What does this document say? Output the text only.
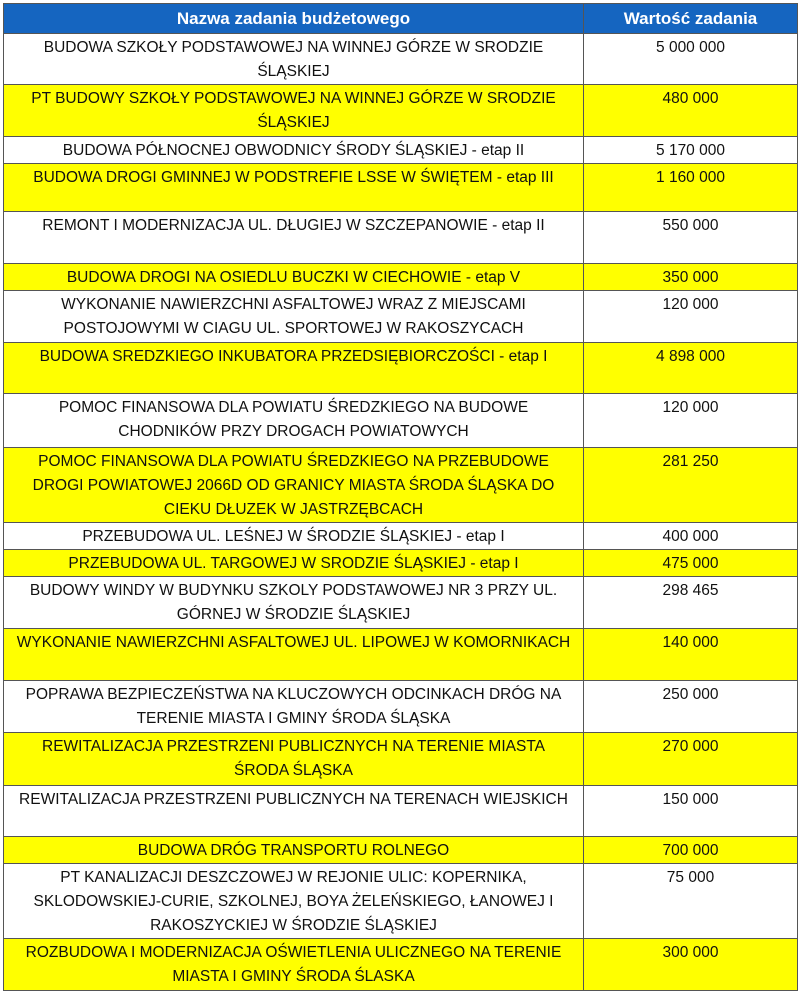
Nazwa zadania budżetowego	Wartość zadania
BUDOWA SZKOŁY PODSTAWOWEJ NA WINNEJ GÓRZE W SRODZIE ŚLĄSKIEJ	5 000 000
PT BUDOWY SZKOŁY PODSTAWOWEJ NA WINNEJ GÓRZE W SRODZIE ŚLĄSKIEJ	480 000
BUDOWA PÓŁNOCNEJ OBWODNICY ŚRODY ŚLĄSKIEJ - etap II	5 170 000
BUDOWA DROGI GMINNEJ W PODSTREFIE LSSE W ŚWIĘTEM - etap III	1 160 000
REMONT I MODERNIZACJA UL. DŁUGIEJ W SZCZEPANOWIE - etap II	550 000
BUDOWA DROGI NA OSIEDLU BUCZKI W CIECHOWIE - etap V	350 000
WYKONANIE NAWIERZCHNI ASFALTOWEJ WRAZ Z MIEJSCAMI POSTOJOWYMI W CIAGU UL. SPORTOWEJ W RAKOSZYCACH	120 000
BUDOWA SREDZKIEGO INKUBATORA PRZEDSIĘBIORCZOŚCI - etap I	4 898 000
POMOC FINANSOWA DLA POWIATU ŚREDZKIEGO NA BUDOWE CHODNIKÓW PRZY DROGACH POWIATOWYCH	120 000
POMOC FINANSOWA DLA POWIATU ŚREDZKIEGO NA PRZEBUDOWE DROGI POWIATOWEJ 2066D OD GRANICY MIASTA ŚRODA ŚLĄSKA DO CIEKU DŁUZEK W JASTRZĘBCACH	281 250
PRZEBUDOWA UL. LEŚNEJ W ŚRODZIE ŚLĄSKIEJ - etap I	400 000
PRZEBUDOWA UL. TARGOWEJ W SRODZIE ŚLĄSKIEJ - etap I	475 000
BUDOWY WINDY W BUDYNKU SZKOLY PODSTAWOWEJ NR 3 PRZY UL. GÓRNEJ W ŚRODZIE ŚLĄSKIEJ	298 465
WYKONANIE NAWIERZCHNI ASFALTOWEJ UL. LIPOWEJ W KOMORNIKACH	140 000
POPRAWA BEZPIECZEŃSTWA NA KLUCZOWYCH ODCINKACH DRÓG NA TERENIE MIASTA I GMINY ŚRODA ŚLĄSKA	250 000
REWITALIZACJA PRZESTRZENI PUBLICZNYCH NA TERENIE MIASTA ŚRODA ŚLĄSKA	270 000
REWITALIZACJA PRZESTRZENI PUBLICZNYCH NA TERENACH WIEJSKICH	150 000
BUDOWA DRÓG TRANSPORTU ROLNEGO	700 000
PT KANALIZACJI DESZCZOWEJ W REJONIE ULIC: KOPERNIKA, SKLODOWSKIEJ-CURIE, SZKOLNEJ, BOYA ŻELEŃSKIEGO, ŁANOWEJ I RAKOSZYCKIEJ W ŚRODZIE ŚLĄSKIEJ	75 000
ROZBUDOWA I MODERNIZACJA OŚWIETLENIA ULICZNEGO NA TERENIE MIASTA I GMINY ŚRODA ŚLASKA	300 000
